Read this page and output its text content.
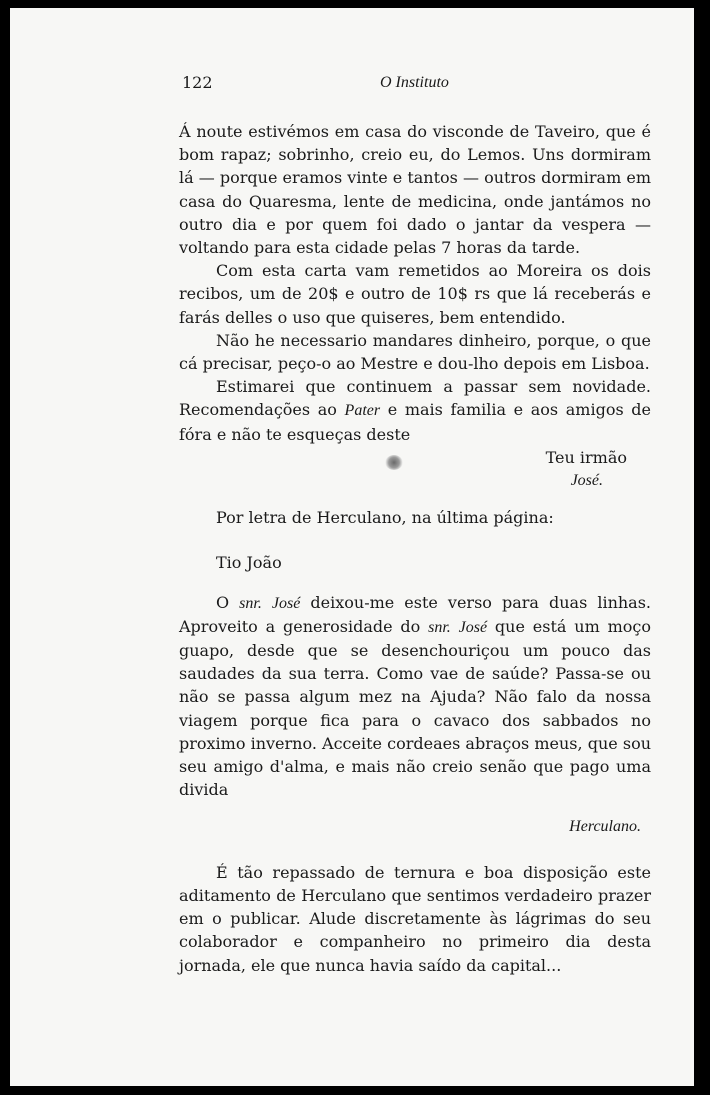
122	O Instituto

Á noute estivémos em casa do visconde de Taveiro, que é bom rapaz; sobrinho, creio eu, do Lemos. Uns dormiram lá — porque eramos vinte e tantos — outros dormiram em casa do Quaresma, lente de medicina, onde jantámos no outro dia e por quem foi dado o jantar da vespera — voltando para esta cidade pelas 7 horas da tarde.

Com esta carta vam remetidos ao Moreira os dois recibos, um de 20$ e outro de 10$ rs que lá receberás e farás delles o uso que quiseres, bem entendido.

Não he necessario mandares dinheiro, porque, o que cá precisar, peço-o ao Mestre e dou-lho depois em Lisboa.

Estimarei que continuem a passar sem novidade. Recomendações ao Pater e mais familia e aos amigos de fóra e não te esqueças deste

Teu irmão

José.

Por letra de Herculano, na última página:

Tio João

O snr. José deixou-me este verso para duas linhas. Aproveito a generosidade do snr. José que está um moço guapo, desde que se desenchouriçou um pouco das saudades da sua terra. Como vae de saúde? Passa-se ou não se passa algum mez na Ajuda? Não falo da nossa viagem porque fica para o cavaco dos sabbados no proximo inverno. Acceite cordeaes abraços meus, que sou seu amigo d'alma, e mais não creio senão que pago uma divida

Herculano.

É tão repassado de ternura e boa disposição este aditamento de Herculano que sentimos verdadeiro prazer em o publicar. Alude discretamente às lágrimas do seu colaborador e companheiro no primeiro dia desta jornada, ele que nunca havia saído da capital...
